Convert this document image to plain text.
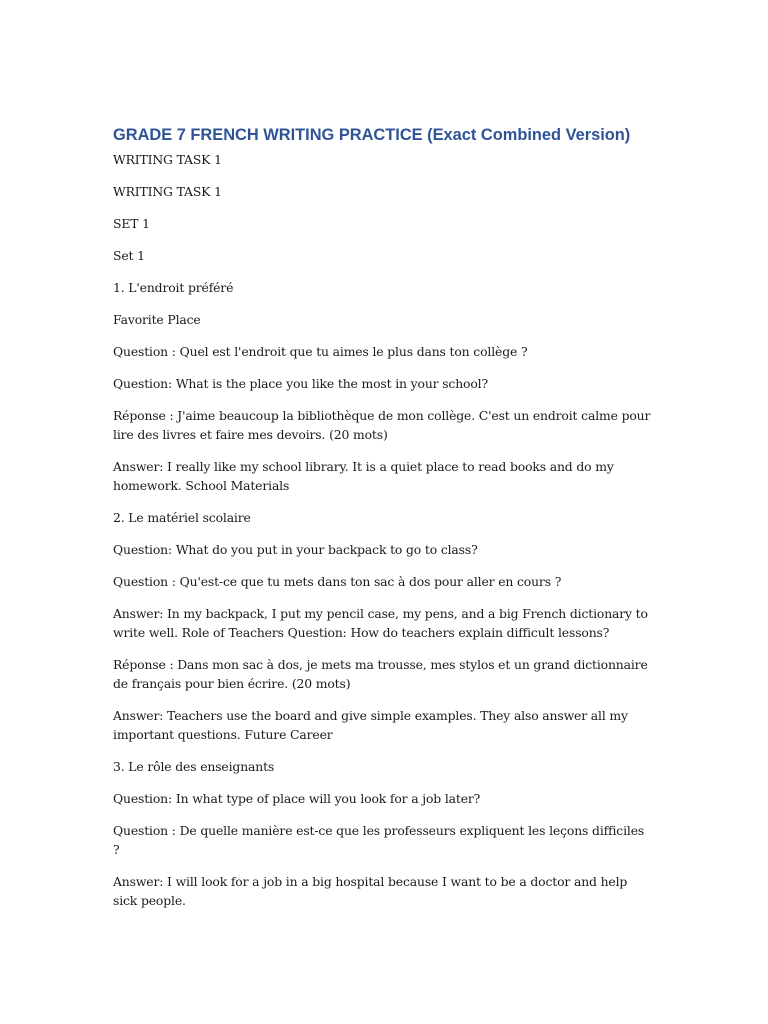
GRADE 7 FRENCH WRITING PRACTICE (Exact Combined Version)
WRITING TASK 1
WRITING TASK 1
SET 1
Set 1
1. L'endroit préféré
Favorite Place
Question : Quel est l'endroit que tu aimes le plus dans ton collège ?
Question: What is the place you like the most in your school?
Réponse : J'aime beaucoup la bibliothèque de mon collège. C'est un endroit calme pour lire des livres et faire mes devoirs. (20 mots)
Answer: I really like my school library. It is a quiet place to read books and do my homework. School Materials
2. Le matériel scolaire
Question: What do you put in your backpack to go to class?
Question : Qu'est-ce que tu mets dans ton sac à dos pour aller en cours ?
Answer: In my backpack, I put my pencil case, my pens, and a big French dictionary to write well. Role of Teachers Question: How do teachers explain difficult lessons?
Réponse : Dans mon sac à dos, je mets ma trousse, mes stylos et un grand dictionnaire de français pour bien écrire. (20 mots)
Answer: Teachers use the board and give simple examples. They also answer all my important questions. Future Career
3. Le rôle des enseignants
Question: In what type of place will you look for a job later?
Question : De quelle manière est-ce que les professeurs expliquent les leçons difficiles ?
Answer: I will look for a job in a big hospital because I want to be a doctor and help sick people.
